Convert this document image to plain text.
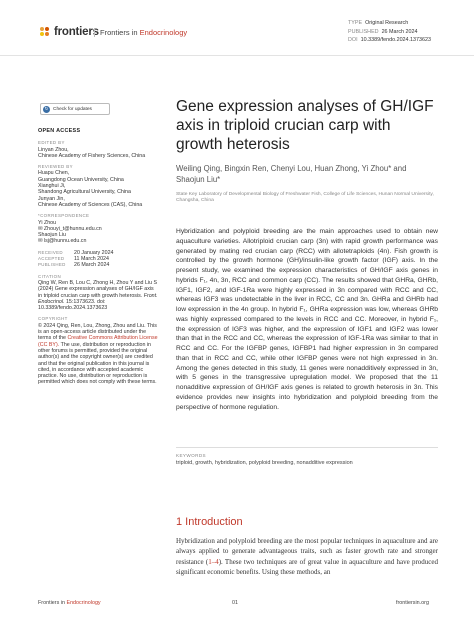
frontiers Frontiers in Endocrinology
TYPE Original Research
PUBLISHED 26 March 2024
DOI 10.3389/fendo.2024.1373623
↻ Check for updates
OPEN ACCESS
EDITED BY
Linyan Zhou,
Chinese Academy of Fishery Sciences, China
REVIEWED BY
Huapu Chen,
Guangdong Ocean University, China
Xianghui Ji,
Shandong Agricultural University, China
Junyan Jin,
Chinese Academy of Sciences (CAS), China
*CORRESPONDENCE
Yi Zhou
✉ Zhouyi_t@hunnu.edu.cn
Shaojun Liu
✉ lsj@hunnu.edu.cn
RECEIVED	20 January 2024
ACCEPTED	11 March 2024
PUBLISHED	26 March 2024
CITATION
Qing W, Ren B, Lou C, Zhong H, Zhou Y and Liu S (2024) Gene expression analyses of GH/IGF axis in triploid crucian carp with growth heterosis. Front. Endocrinol. 15:1373623. doi: 10.3389/fendo.2024.1373623
COPYRIGHT
© 2024 Qing, Ren, Lou, Zhong, Zhou and Liu. This is an open-access article distributed under the terms of the Creative Commons Attribution License (CC BY). The use, distribution or reproduction in other forums is permitted, provided the original author(s) and the copyright owner(s) are credited and that the original publication in this journal is cited, in accordance with accepted academic practice. No use, distribution or reproduction is permitted which does not comply with these terms.
Gene expression analyses of GH/IGF axis in triploid crucian carp with growth heterosis
Weiling Qing, Bingxin Ren, Chenyi Lou, Huan Zhong, Yi Zhou* and Shaojun Liu*
State Key Laboratory of Developmental Biology of Freshwater Fish, College of Life Sciences, Hunan Normal University, Changsha, China
Hybridization and polyploid breeding are the main approaches used to obtain new aquaculture varieties. Allotriploid crucian carp (3n) with rapid growth performance was generated by mating red crucian carp (RCC) with allotetraploids (4n). Fish growth is controlled by the growth hormone (GH)/insulin-like growth factor (IGF) axis. In the present study, we examined the expression characteristics of GH/IGF axis genes in hybrids F₁, 4n, 3n, RCC and common carp (CC). The results showed that GHRa, GHRb, IGF1, IGF2, and IGF-1Ra were highly expressed in 3n compared with RCC and CC, whereas IGF3 was undetectable in the liver in RCC, CC and 3n. GHRa and GHRb had low expression in the 4n group. In hybrid F₁, GHRa expression was low, whereas GHRb was highly expressed compared to the levels in RCC and CC. Moreover, in hybrid F₁, the expression of IGF3 was higher, and the expression of IGF1 and IGF2 was lower than that in the RCC and CC, whereas the expression of IGF-1Ra was similar to that in RCC and CC. For the IGFBP genes, IGFBP1 had higher expression in 3n compared than that in RCC and CC, while other IGFBP genes were not high expressed in 3n. Among the genes detected in this study, 11 genes were nonadditively expressed in 3n, with 5 genes in the transgressive upregulation model. We proposed that the 11 nonadditive expression of GH/IGF axis genes is related to growth heterosis in 3n. This evidence provides new insights into hybridization and polyploid breeding from the perspective of hormone regulation.
KEYWORDS
triploid, growth, hybridization, polyploid breeding, nonadditive expression
1 Introduction
Hybridization and polyploid breeding are the most popular techniques in aquaculture and are always applied to generate advantageous traits, such as faster growth rate and stronger resistance (1–4). These two techniques are of great value in aquaculture and have produced significant economic benefits. Using these methods, an
Frontiers in Endocrinology	01	frontiersin.org
